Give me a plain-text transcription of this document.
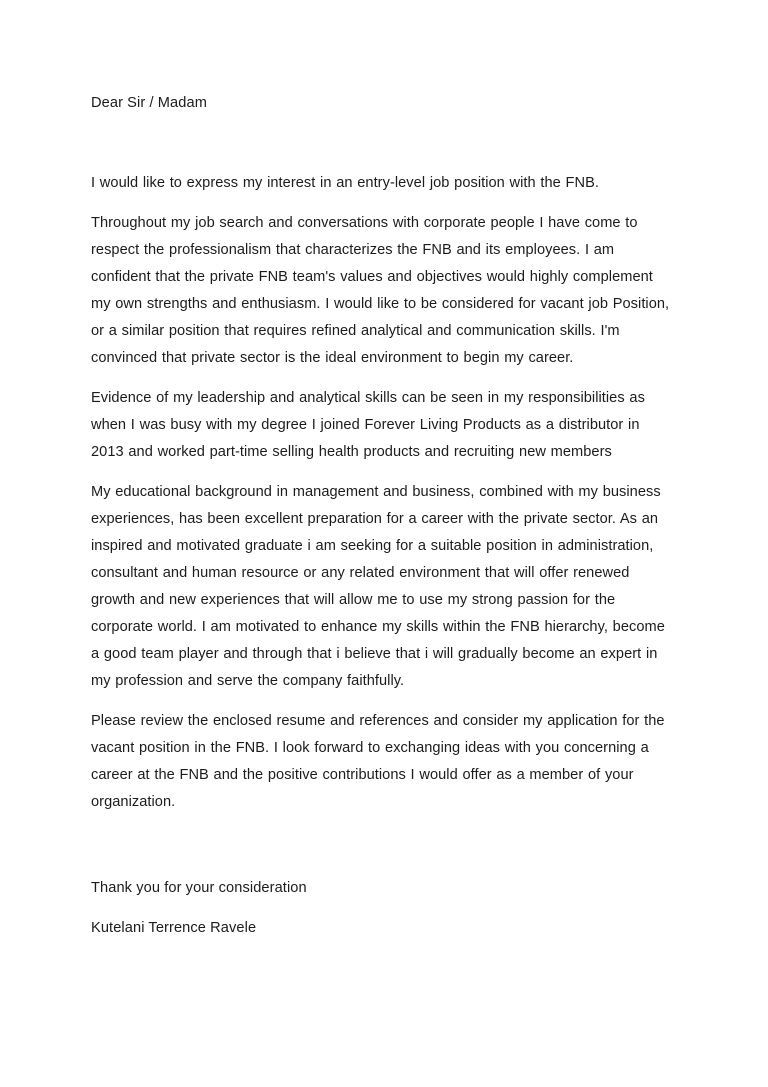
Dear Sir / Madam

I would like to express my interest in an entry-level job position with the FNB.

Throughout my job search and conversations with corporate people I have come to respect the professionalism that characterizes the FNB and its employees. I am confident that the private FNB team's values and objectives would highly complement my own strengths and enthusiasm. I would like to be considered for vacant job Position, or a similar position that requires refined analytical and communication skills. I'm convinced that private sector is the ideal environment to begin my career.

Evidence of my leadership and analytical skills can be seen in my responsibilities as when I was busy with my degree I joined Forever Living Products as a distributor in 2013 and worked part-time selling health products and recruiting new members

My educational background in management and business, combined with my business experiences, has been excellent preparation for a career with the private sector. As an inspired and motivated graduate i am seeking for a suitable position in administration, consultant and human resource or any related environment that will offer renewed growth and new experiences that will allow me to use my strong passion for the corporate world. I am motivated to enhance my skills within the FNB hierarchy, become a good team player and through that i believe that i will gradually become an expert in my profession and serve the company faithfully.

Please review the enclosed resume and references and consider my application for the vacant position in the FNB. I look forward to exchanging ideas with you concerning a career at the FNB and the positive contributions I would offer as a member of your organization.

Thank you for your consideration

Kutelani Terrence Ravele
